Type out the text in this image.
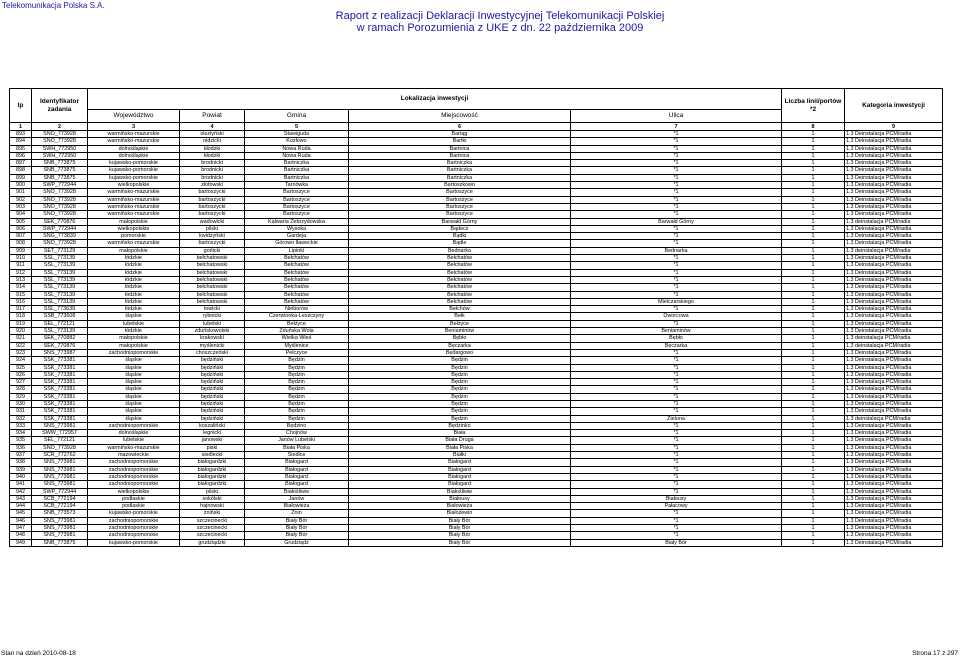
Telekomunikacja Polska S.A.
Raport z realizacji Deklaracji Inwestycyjnej Telekomunikacji Polskiej
w ramach Porozumienia z UKE z dn. 22 października 2009
lp	Identyfikator zadania	Lokalizacja inwestycji					Liczba linii/portów *2	Kategoria inwestycji
		Województwo	Powiat	Gmina	Miejscowość	Ulica		
1	2	3	4	5	6	7	8	9
893	SNO_773928	warmińsko-mazurskie	olsztyński	Stawiguda	Bartąg	*1	1	1.3 Deinstalacja PCM/radia
894	SNO_773928	warmińsko-mazurskie	nidzicki	Kozłowo	Bartki	*1	1	1.3 Deinstalacja PCM/radia
895	SWH_772950	dolnośląskie	kłodzki	Nowa Ruda	Bartnica	*1	1	1.3 Deinstalacja PCM/radia
896	SWH_772950	dolnośląskie	kłodzki	Nowa Ruda	Bartnica	*1	1	1.3 Deinstalacja PCM/radia
897	SNB_773875	kujawsko-pomorskie	brodnicki	Bartniczka	Bartniczka	*1	1	1.3 Deinstalacja PCM/radia
898	SNB_773875	kujawsko-pomorskie	brodnicki	Bartniczka	Bartniczka	*1	1	1.3 Deinstalacja PCM/radia
899	SNB_773875	kujawsko-pomorskie	brodnicki	Bartniczka	Bartniczka	*1	1	1.3 Deinstalacja PCM/radia
900	SWP_772944	wielkopolskie	złotowski	Tarnówka	Bartoszkowo	*1	1	1.3 Deinstalacja PCM/radia
901	SNO_773928	warmińsko-mazurskie	bartoszycki	Bartoszyce	Bartoszyce	*1	1	1.3 Deinstalacja PCM/radia
902	SNO_773928	warmińsko-mazurskie	bartoszycki	Bartoszyce	Bartoszyce	*1	1	1.3 Deinstalacja PCM/radia
903	SNO_773928	warmińsko-mazurskie	bartoszycki	Bartoszyce	Bartoszyce	*1	1	1.3 Deinstalacja PCM/radia
904	SNO_773928	warmińsko-mazurskie	bartoszycki	Bartoszyce	Bartoszyce	*1	1	1.3 Deinstalacja PCM/radia
905	SEK_770876	małopolskie	wadowicki	Kalwaria Zebrzydowska	Barwałd Górny	Barwałd Górny	1	1.3 deinstalacja PCM/radia
906	SWP_772944	wielkopolskie	pilski	Wysoka	Bądecz	*1	1	1.3 Deinstalacja PCM/radia
907	SNG_773839	pomorskie	kwidzyński	Gardeja	Bądki	*1	1	1.3 Deinstalacja PCM/radia
908	SNO_773928	warmińsko-mazurskie	bartoszycki	Górowo Iławeckie	Bądle	*1	1	1.3 Deinstalacja PCM/radia
909	SET_773129	małopolskie	gorlicki	Lipinki	Bednarka	Bednarka	1	1.3 deinstalacja PCM/radia
910	SSL_773139	łódzkie	bełchatowski	Bełchatów	Bełchatów	*1	1	1.3 Deinstalacja PCM/radia
911	SSL_773139	łódzkie	bełchatowski	Bełchatów	Bełchatów	*1	1	1.3 Deinstalacja PCM/radia
912	SSL_773139	łódzkie	bełchatowski	Bełchatów	Bełchatów	*1	1	1.3 Deinstalacja PCM/radia
913	SSL_773139	łódzkie	bełchatowski	Bełchatów	Bełchatów	*1	1	1.3 Deinstalacja PCM/radia
914	SSL_773139	łódzkie	bełchatowski	Bełchatów	Bełchatów	*1	1	1.3 Deinstalacja PCM/radia
915	SSL_773139	łódzkie	bełchatowski	Bełchatów	Bełchatów	*1	1	1.3 Deinstalacja PCM/radia
916	SSL_773139	łódzkie	bełchatowski	Bełchatów	Bełchatów	Mielczarskiego	1	1.3 Deinstalacja PCM/radia
917	SSL_773639	łódzkie	łowicki	Nieborów	Bełchów	*1	1	1.3 Deinstalacja PCM/radia
918	SSB_773608	śląskie	rybnicki	Czerwionka-Leszczyny	Bełk	Dworcowa	1	1.3 Deinstalacja PCM/radia
919	SEL_772121	lubelskie	lubelski	Bełżyce	Bełżyce	*1	1	1.3 Deinstalacja PCM/radia
920	SSL_773139	łódzkie	zduńskowolski	Zduńska Wola	Beniaminów	Beniaminów	1	1.3 Deinstalacja PCM/radia
921	SEK_770882	małopolskie	krakowski	Wielka Wieś	Bębło	Bębło	1	1.3 deinstalacja PCM/radia
922	SEK_770876	małopolskie	myślenicki	Myślenice	Bęczarka	Bęczarka	1	1.3 deinstalacja PCM/radia
923	SNS_773987	zachodniopomorskie	choszczeński	Pełczyce	Będargowo	*1	1	1.3 Deinstalacja PCM/radia
924	SSK_773381	śląskie	będziński	Będzin	Będzin	*1	1	1.3 Deinstalacja PCM/radia
925	SSK_773381	śląskie	będziński	Będzin	Będzin	*1	1	1.3 Deinstalacja PCM/radia
926	SSK_773381	śląskie	będziński	Będzin	Będzin	*1	1	1.3 Deinstalacja PCM/radia
927	SSK_773381	śląskie	będziński	Będzin	Będzin	*1	1	1.3 Deinstalacja PCM/radia
928	SSK_773381	śląskie	będziński	Będzin	Będzin	*1	1	1.3 Deinstalacja PCM/radia
929	SSK_773381	śląskie	będziński	Będzin	Będzin	*1	1	1.3 Deinstalacja PCM/radia
930	SSK_773381	śląskie	będziński	Będzin	Będzin	*1	1	1.3 Deinstalacja PCM/radia
931	SSK_773381	śląskie	będziński	Będzin	Będzin	*1	1	1.3 Deinstalacja PCM/radia
932	SSK_773381	śląskie	będziński	Będzin	Będzin	Zielona	1	1.3 deinstalacja PCM/radia
933	SNS_773981	zachodniopomorskie	koszaliński	Będzino	Będzinko	*1	1	1.3 Deinstalacja PCM/radia
934	SWW_772957	dolnośląskie	legnicki	Chojnów	Biała	*1	1	1.3 Deinstalacja PCM/radia
935	SEL_772121	lubelskie	janowski	Janów Lubelski	Biała Druga	*1	1	1.3 Deinstalacja PCM/radia
936	SNO_773928	warmińsko-mazurskie	piski	Biała Piska	Biała Piska	*1	1	1.3 Deinstalacja PCM/radia
937	SCR_772762	mazowieckie	siedlecki	Siedlce	Białki	*1	1	1.3 Deinstalacja PCM/radia
938	SNS_773981	zachodniopomorskie	białogardzki	Białogard	Białogard	*1	1	1.3 Deinstalacja PCM/radia
939	SNS_773981	zachodniopomorskie	białogardzki	Białogard	Białogard	*1	1	1.3 Deinstalacja PCM/radia
940	SNS_773981	zachodniopomorskie	białogardzki	Białogard	Białogard	*1	1	1.3 Deinstalacja PCM/radia
941	SNS_773981	zachodniopomorskie	białogardzki	Białogard	Białogard	*1	1	1.3 Deinstalacja PCM/radia
942	SWP_772944	wielkopolskie	pilski	Białośliwie	Białośliwie	*1	1	1.3 Deinstalacja PCM/radia
943	SCB_772194	podlaskie	sokólski	Janów	Białousy	Białousy	1	1.3 Deinstalacja PCM/radia
944	SCB_772194	podlaskie	hajnowski	Białowieża	Białowieża	Pałacowy	1	1.3 Deinstalacja PCM/radia
945	SNB_773573	kujawsko-pomorskie	żniński	Żnin	Białożewin	*1	1	1.3 Deinstalacja PCM/radia
946	SNS_773981	zachodniopomorskie	szczecinecki	Biały Bór	Biały Bór	*1	1	1.3 Deinstalacja PCM/radia
947	SNS_773981	zachodniopomorskie	szczecinecki	Biały Bór	Biały Bór	*1	1	1.3 Deinstalacja PCM/radia
948	SNS_773981	zachodniopomorskie	szczecinecki	Biały Bór	Biały Bór	*1	1	1.3 Deinstalacja PCM/radia
949	SNB_773875	kujawsko-pomorskie	grudziądzki	Grudziądz	Biały Bór	Biały Bór	1	1.3 Deinstalacja PCM/radia
Stan na dzień 2010-08-18	Strona 17 z 297
